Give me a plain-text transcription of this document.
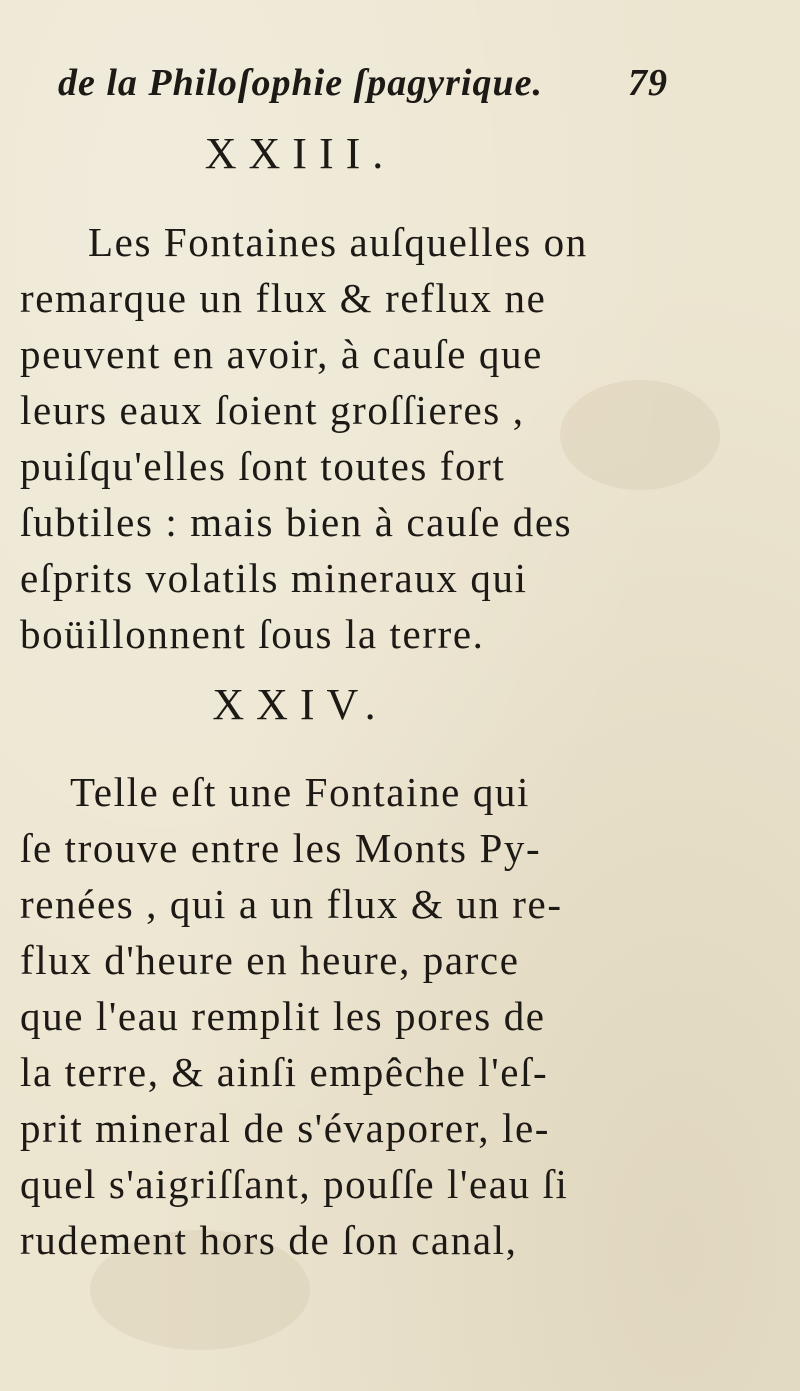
de la Philoſophie ſpagyrique. 79
XXIII.
Les Fontaines auſquelles on
remarque un flux & reflux ne
peuvent en avoir, à cauſe que
leurs eaux ſoient groſſieres ,
puiſqu'elles ſont toutes fort
ſubtiles : mais bien à cauſe des
eſprits volatils mineraux qui
boüillonnent ſous la terre.
XXIV.
Telle eſt une Fontaine qui
ſe trouve entre les Monts Py-
renées , qui a un flux & un re-
flux d'heure en heure, parce
que l'eau remplit les pores de
la terre, & ainſi empêche l'eſ-
prit mineral de s'évaporer, le-
quel s'aigriſſant, pouſſe l'eau ſi
rudement hors de ſon canal,
